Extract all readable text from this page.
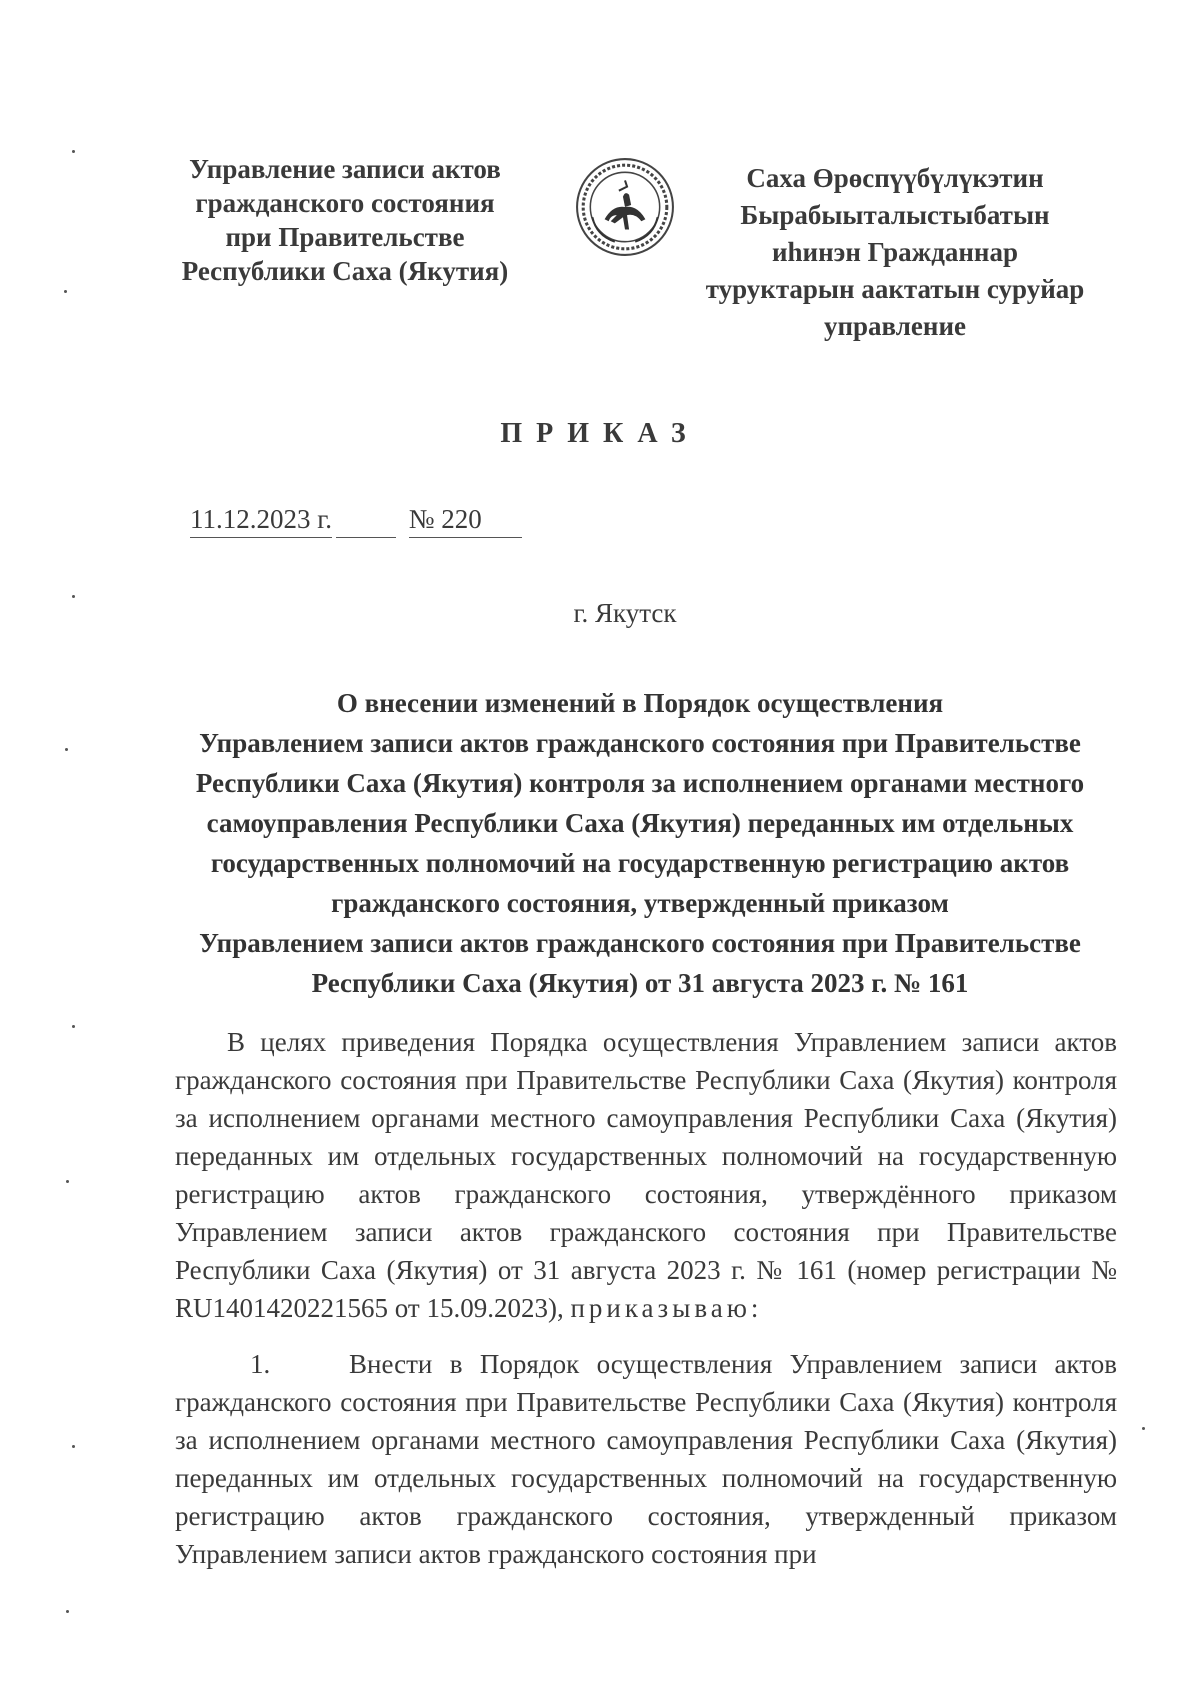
Управление записи актов
гражданского состояния
при Правительстве
Республики Саха (Якутия)
Саха Өрөспүүбүлүкэтин
Бырабыыталыстыбатын
иһинэн Гражданнар
туруктарын аактатын суруйар
управление
ПРИКАЗ
11.12.2023 г.	№ 220
г. Якутск
О внесении изменений в Порядок осуществления
Управлением записи актов гражданского состояния при Правительстве
Республики Саха (Якутия) контроля за исполнением органами местного
самоуправления Республики Саха (Якутия) переданных им отдельных
государственных полномочий на государственную регистрацию актов
гражданского состояния, утвержденный приказом
Управлением записи актов гражданского состояния при Правительстве
Республики Саха (Якутия) от 31 августа 2023 г. № 161
В целях приведения Порядка осуществления Управлением записи актов гражданского состояния при Правительстве Республики Саха (Якутия) контроля за исполнением органами местного самоуправления Республики Саха (Якутия) переданных им отдельных государственных полномочий на государственную регистрацию актов гражданского состояния, утверждённого приказом Управлением записи актов гражданского состояния при Правительстве Республики Саха (Якутия) от 31 августа 2023 г. № 161 (номер регистрации № RU1401420221565 от 15.09.2023), приказываю:
1.	Внести в Порядок осуществления Управлением записи актов гражданского состояния при Правительстве Республики Саха (Якутия) контроля за исполнением органами местного самоуправления Республики Саха (Якутия) переданных им отдельных государственных полномочий на государственную регистрацию актов гражданского состояния, утвержденный приказом Управлением записи актов гражданского состояния при
